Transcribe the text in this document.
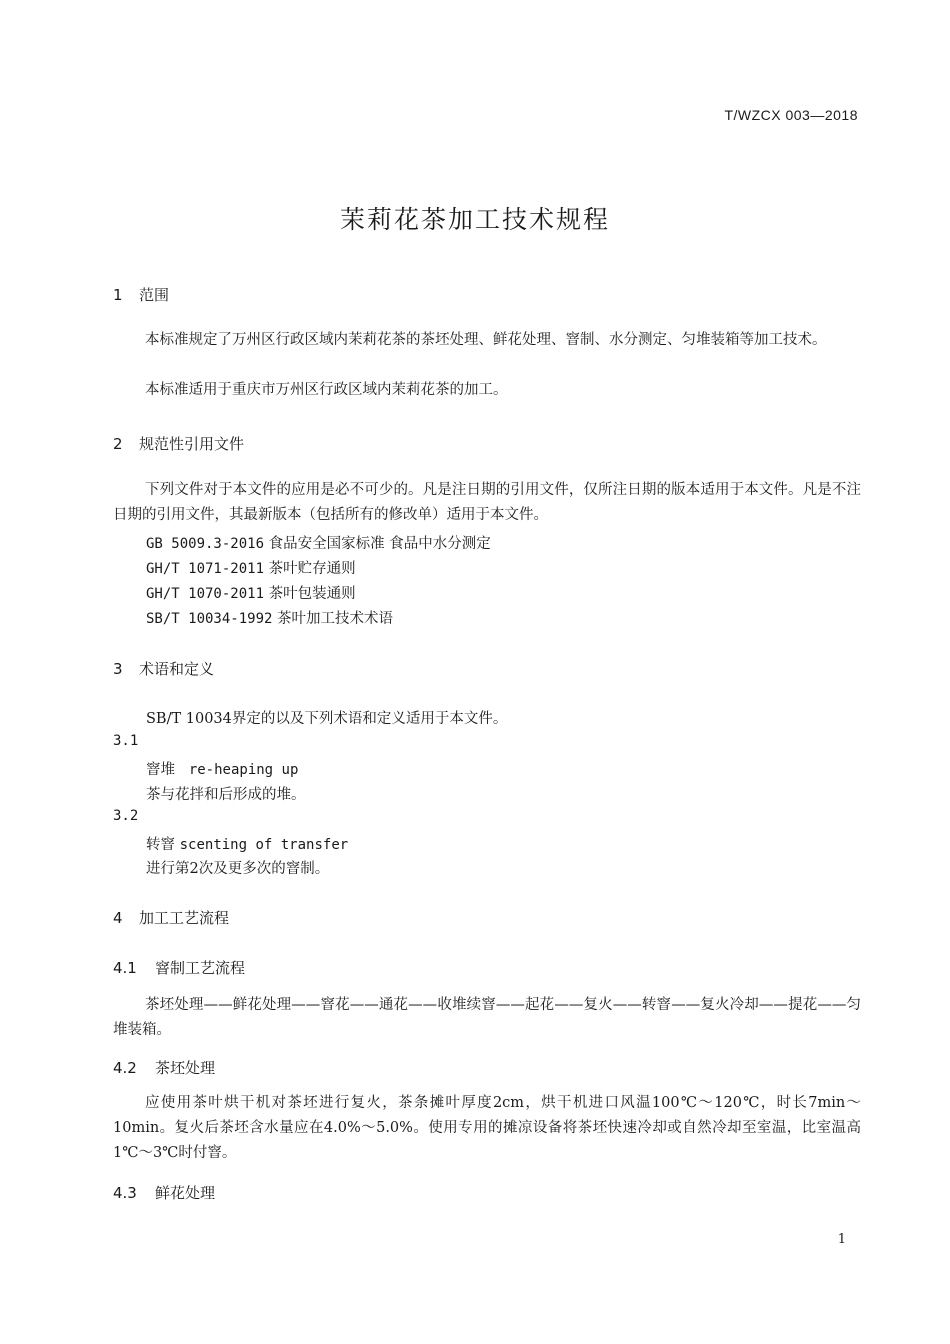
T/WZCX 003—2018
茉莉花茶加工技术规程
1 范围
本标准规定了万州区行政区域内茉莉花茶的茶坯处理、鲜花处理、窨制、水分测定、匀堆装箱等加工技术。
本标准适用于重庆市万州区行政区域内茉莉花茶的加工。
2 规范性引用文件
下列文件对于本文件的应用是必不可少的。凡是注日期的引用文件，仅所注日期的版本适用于本文件。凡是不注日期的引用文件，其最新版本（包括所有的修改单）适用于本文件。
GB 5009.3-2016 食品安全国家标准 食品中水分测定
GH/T 1071-2011 茶叶贮存通则
GH/T 1070-2011 茶叶包装通则
SB/T 10034-1992 茶叶加工技术术语
3 术语和定义
SB/T 10034界定的以及下列术语和定义适用于本文件。
3.1
窨堆 re-heaping up
茶与花拌和后形成的堆。
3.2
转窨 scenting of transfer
进行第2次及更多次的窨制。
4 加工工艺流程
4.1 窨制工艺流程
茶坯处理——鲜花处理——窨花——通花——收堆续窨——起花——复火——转窨——复火冷却——提花——匀堆装箱。
4.2 茶坯处理
应使用茶叶烘干机对茶坯进行复火，茶条摊叶厚度2cm，烘干机进口风温100℃～120℃，时长7min～10min。复火后茶坯含水量应在4.0%～5.0%。使用专用的摊凉设备将茶坯快速冷却或自然冷却至室温，比室温高1℃～3℃时付窨。
4.3 鲜花处理
1
